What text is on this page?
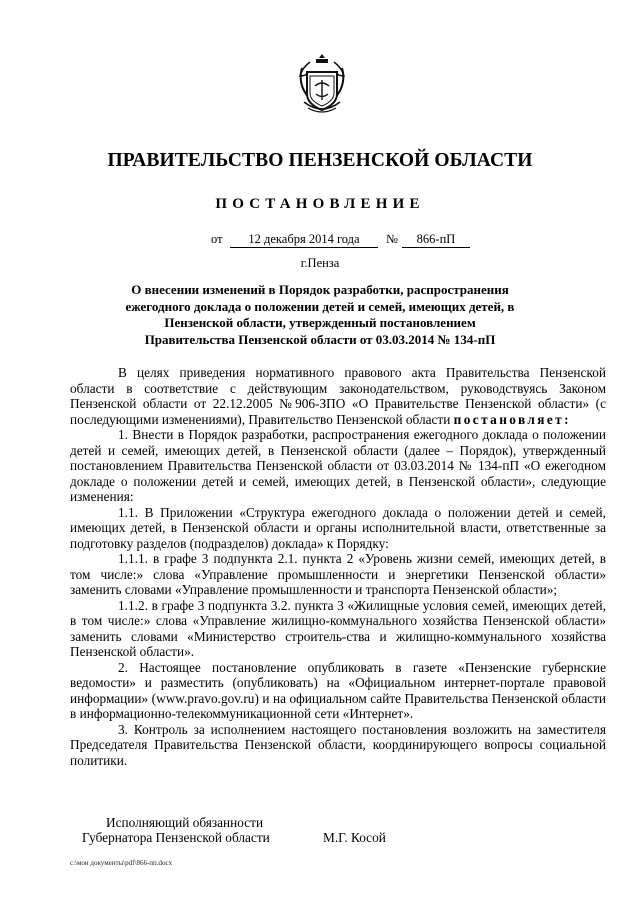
ПРАВИТЕЛЬСТВО ПЕНЗЕНСКОЙ ОБЛАСТИ
ПОСТАНОВЛЕНИЕ
от	12 декабря 2014 года	№	866-пП
г.Пенза
О внесении изменений в Порядок разработки, распространения ежегодного доклада о положении детей и семей, имеющих детей, в Пензенской области, утвержденный постановлением Правительства Пензенской области от 03.03.2014 № 134-пП

В целях приведения нормативного правового акта Правительства Пензенской области в соответствие с действующим законодательством, руководствуясь Законом Пензенской области от 22.12.2005 №906-ЗПО «О Правительстве Пензенской области» (с последующими изменениями), Правительство Пензенской области постановляет:

1. Внести в Порядок разработки, распространения ежегодного доклада о положении детей и семей, имеющих детей, в Пензенской области (далее – Порядок), утвержденный постановлением Правительства Пензенской области от 03.03.2014 № 134-пП «О ежегодном докладе о положении детей и семей, имеющих детей, в Пензенской области», следующие изменения:

1.1. В Приложении «Структура ежегодного доклада о положении детей и семей, имеющих детей, в Пензенской области и органы исполнительной власти, ответственные за подготовку разделов (подразделов) доклада» к Порядку:

1.1.1. в графе 3 подпункта 2.1. пункта 2 «Уровень жизни семей, имеющих детей, в том числе:» слова «Управление промышленности и энергетики Пензенской области» заменить словами «Управление промышленности и транспорта Пензенской области»;

1.1.2. в графе 3 подпункта 3.2. пункта 3 «Жилищные условия семей, имеющих детей, в том числе:» слова «Управление жилищно-коммунального хозяйства Пензенской области» заменить словами «Министерство строитель-ства и жилищно-коммунального хозяйства Пензенской области».

2. Настоящее постановление опубликовать в газете «Пензенские губернские ведомости» и разместить (опубликовать) на «Официальном интернет-портале правовой информации» (www.pravo.gov.ru) и на официальном сайте Правительства Пензенской области в информационно-телекоммуникационной сети «Интернет».

3. Контроль за исполнением настоящего постановления возложить на заместителя Председателя Правительства Пензенской области, координирующего вопросы социальной политики.

Исполняющий обязанности
Губернатора Пензенской области	М.Г. Косой
c:\мои документы\pdf\866-пп.docx
